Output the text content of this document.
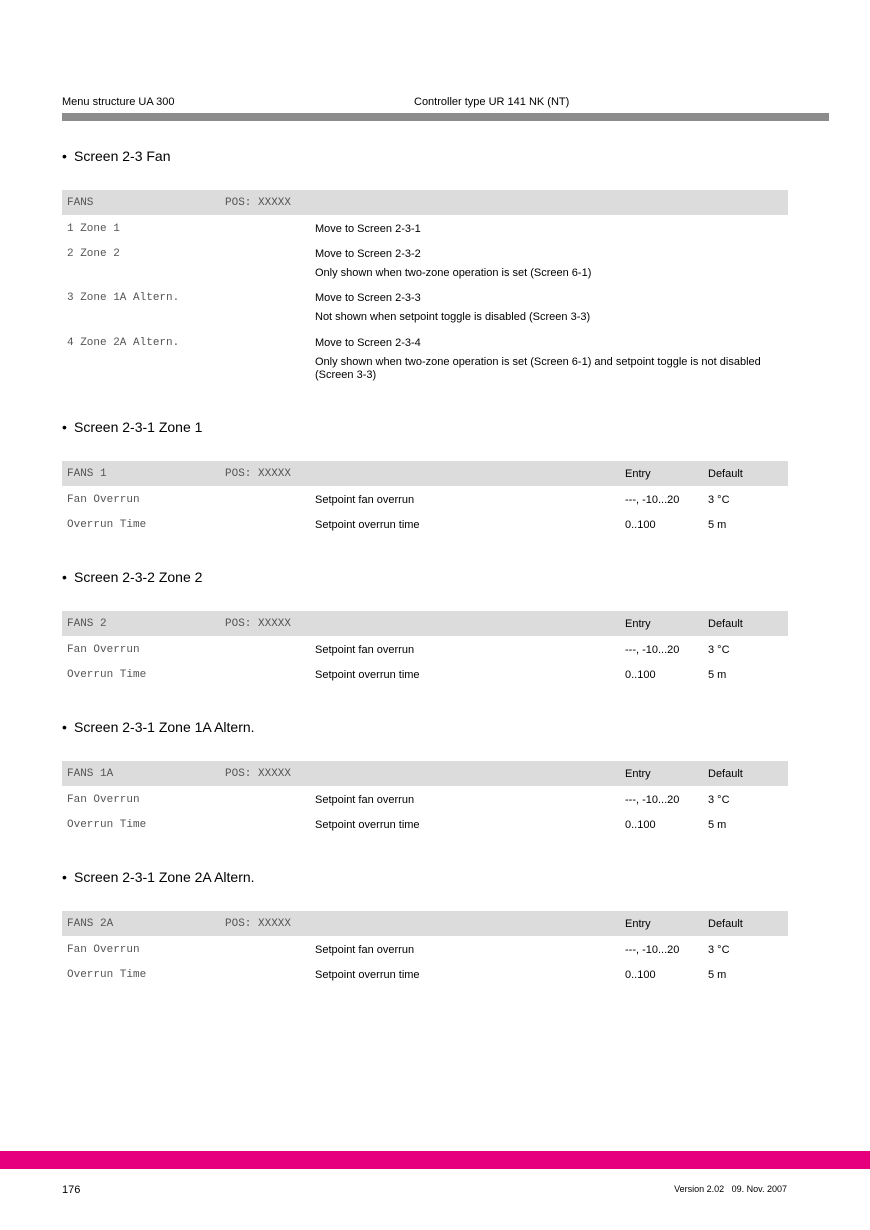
Menu structure UA 300	Controller type UR 141 NK (NT)
• Screen 2-3 Fan
FANS	POS: XXXXX
1 Zone 1	Move to Screen 2-3-1
2 Zone 2	Move to Screen 2-3-2
Only shown when two-zone operation is set (Screen 6-1)
3 Zone 1A Altern.	Move to Screen 2-3-3
Not shown when setpoint toggle is disabled (Screen 3-3)
4 Zone 2A Altern.	Move to Screen 2-3-4
Only shown when two-zone operation is set (Screen 6-1) and setpoint toggle is not disabled (Screen 3-3)
• Screen 2-3-1 Zone 1
FANS 1	POS: XXXXX	Entry	Default
Fan Overrun	Setpoint fan overrun	---, -10...20	3 °C
Overrun Time	Setpoint overrun time	0..100	5 m
• Screen 2-3-2 Zone 2
FANS 2	POS: XXXXX	Entry	Default
Fan Overrun	Setpoint fan overrun	---, -10...20	3 °C
Overrun Time	Setpoint overrun time	0..100	5 m
• Screen 2-3-1 Zone 1A Altern.
FANS 1A	POS: XXXXX	Entry	Default
Fan Overrun	Setpoint fan overrun	---, -10...20	3 °C
Overrun Time	Setpoint overrun time	0..100	5 m
• Screen 2-3-1 Zone 2A Altern.
FANS 2A	POS: XXXXX	Entry	Default
Fan Overrun	Setpoint fan overrun	---, -10...20	3 °C
Overrun Time	Setpoint overrun time	0..100	5 m
176	Version 2.02   09. Nov. 2007
